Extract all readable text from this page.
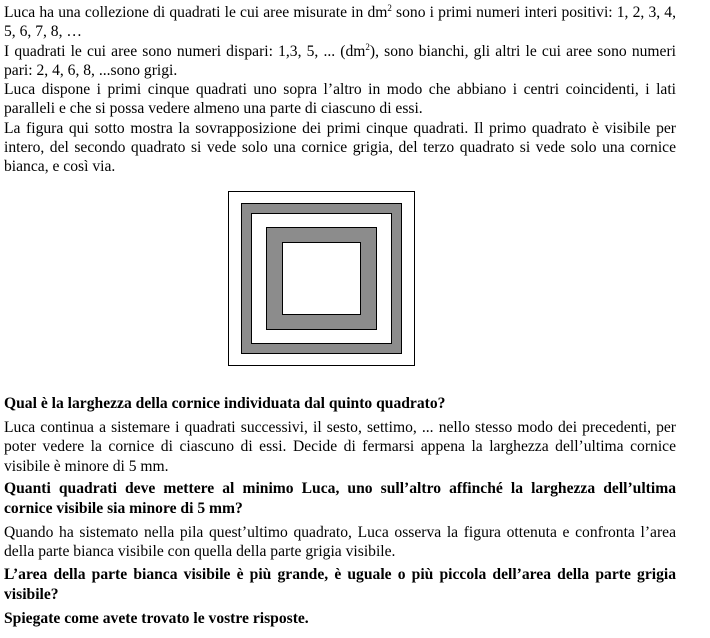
Luca ha una collezione di quadrati le cui aree misurate in $dm^2$ sono i primi numeri interi positivi: 1, 2, 3, 4, 5, 6, 7, 8, …

I quadrati le cui aree sono numeri dispari: 1,3, 5, ... $(dm^2)$, sono bianchi, gli altri le cui aree sono numeri pari: 2, 4, 6, 8, ...sono grigi.

Luca dispone i primi cinque quadrati uno sopra l’altro in modo che abbiano i centri coincidenti, i lati paralleli e che si possa vedere almeno una parte di ciascuno di essi.

La figura qui sotto mostra la sovrapposizione dei primi cinque quadrati. Il primo quadrato è visibile per intero, del secondo quadrato si vede solo una cornice grigia, del terzo quadrato si vede solo una cornice bianca, e così via.

Qual è la larghezza della cornice individuata dal quinto quadrato?

Luca continua a sistemare i quadrati successivi, il sesto, settimo, ... nello stesso modo dei precedenti, per poter vedere la cornice di ciascuno di essi. Decide di fermarsi appena la larghezza dell’ultima cornice visibile è minore di 5 mm.

Quanti quadrati deve mettere al minimo Luca, uno sull’altro affinché la larghezza dell’ultima cornice visibile sia minore di 5 mm?

Quando ha sistemato nella pila quest’ultimo quadrato, Luca osserva la figura ottenuta e confronta l’area della parte bianca visibile con quella della parte grigia visibile.

L’area della parte bianca visibile è più grande, è uguale o più piccola dell’area della parte grigia visibile?

Spiegate come avete trovato le vostre risposte.
